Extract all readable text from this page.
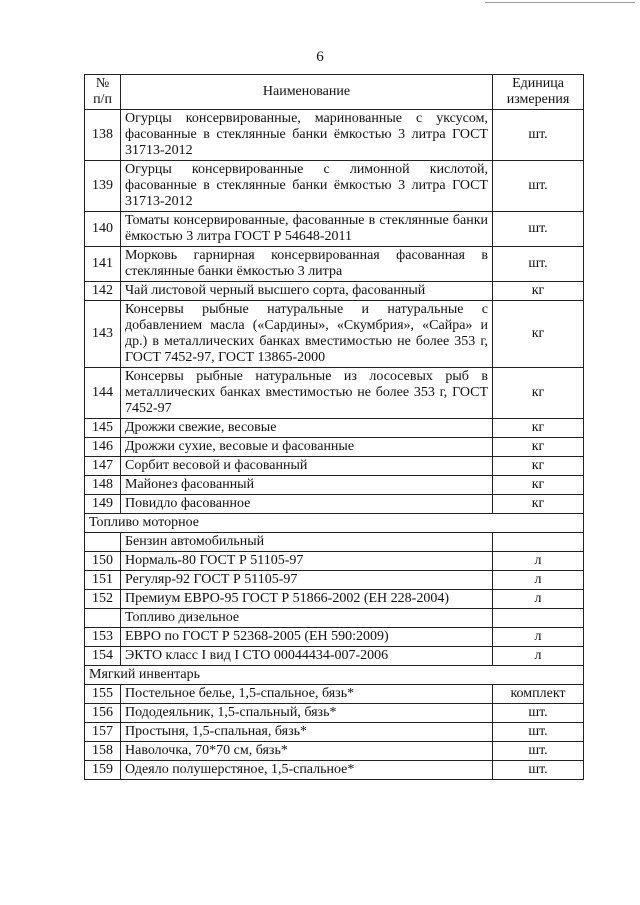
6
№ п/п	Наименование	Единица измерения
138	Огурцы консервированные, маринованные с уксусом, фасованные в стеклянные банки ёмкостью 3 литра ГОСТ 31713-2012	шт.
139	Огурцы консервированные с лимонной кислотой, фасованные в стеклянные банки ёмкостью 3 литра ГОСТ 31713-2012	шт.
140	Томаты консервированные, фасованные в стеклянные банки ёмкостью 3 литра ГОСТ Р 54648-2011	шт.
141	Морковь гарнирная консервированная фасованная в стеклянные банки ёмкостью 3 литра	шт.
142	Чай листовой черный высшего сорта, фасованный	кг
143	Консервы рыбные натуральные и натуральные с добавлением масла («Сардины», «Скумбрия», «Сайра» и др.) в металлических банках вместимостью не более 353 г, ГОСТ 7452-97, ГОСТ 13865-2000	кг
144	Консервы рыбные натуральные из лососевых рыб в металлических банках вместимостью не более 353 г, ГОСТ 7452-97	кг
145	Дрожжи свежие, весовые	кг
146	Дрожжи сухие, весовые и фасованные	кг
147	Сорбит весовой и фасованный	кг
148	Майонез фасованный	кг
149	Повидло фасованное	кг
Топливо моторное		
	Бензин автомобильный	
150	Нормаль-80 ГОСТ Р 51105-97	л
151	Регуляр-92 ГОСТ Р 51105-97	л
152	Премиум ЕВРО-95 ГОСТ Р 51866-2002 (ЕН 228-2004)	л
	Топливо дизельное	
153	ЕВРО по ГОСТ Р 52368-2005 (ЕН 590:2009)	л
154	ЭКТО класс I вид I СТО 00044434-007-2006	л
Мягкий инвентарь		
155	Постельное белье, 1,5-спальное, бязь*	комплект
156	Пододеяльник, 1,5-спальный, бязь*	шт.
157	Простыня, 1,5-спальная, бязь*	шт.
158	Наволочка, 70*70 см, бязь*	шт.
159	Одеяло полушерстяное, 1,5-спальное*	шт.
